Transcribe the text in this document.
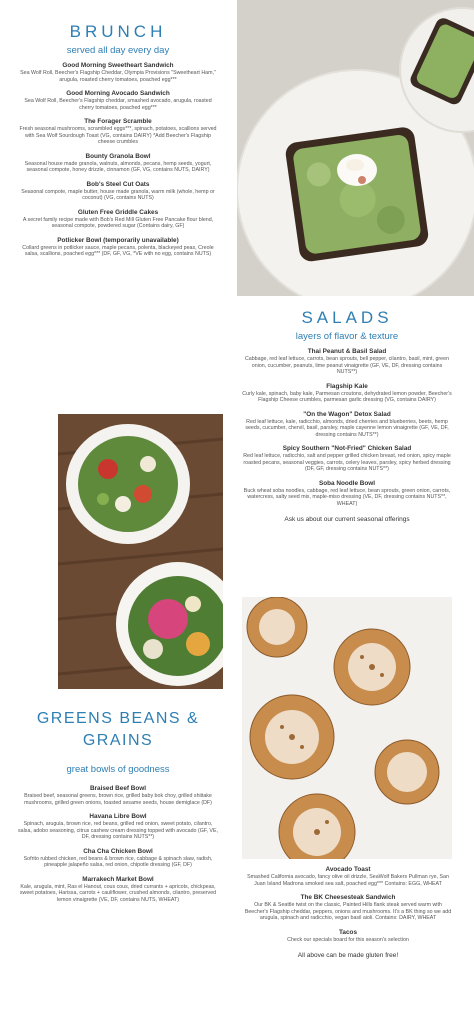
BRUNCH
served all day every day
Good Morning Sweetheart Sandwich
Sea Wolf Roll, Beecher's Flagship Cheddar, Olympia Provisions "Sweetheart Ham," arugula, roasted cherry tomatoes, poached egg***
Good Morning Avocado Sandwich
Sea Wolf Roll, Beecher's Flagship cheddar, smashed avocado, arugula, roasted cherry tomatoes, poached egg***
The Forager Scramble
Fresh seasonal mushrooms, scrambled eggs***, spinach, potatoes, scallions served with Sea Wolf Sourdough Toast (VG, contains DAIRY) *Add Beecher's Flagship cheese crumbles
Bounty Granola Bowl
Seasonal house made granola, walnuts, almonds, pecans, hemp seeds, yogurt, seasonal compote, honey drizzle, cinnamon (GF, VG, contains NUTS, DAIRY)
Bob's Steel Cut Oats
Seasonal compote, maple butter, house made granola, warm milk (whole, hemp or coconut) (VG, contains NUTS)
Gluten Free Griddle Cakes
A secret family recipe made with Bob's Red Mill Gluten Free Pancake flour blend, seasonal compote, powdered sugar (Contains dairy, GF)
Potlicker Bowl (temporarily unavailable)
Collard greens in potlicker sauce, maple pecans, polenta, blackeyed peas, Creole salsa, scallions, poached egg*** (DF, GF, VG, *VE with no egg, contains NUTS)
SALADS
layers of flavor & texture
Thai Peanut & Basil Salad
Cabbage, red leaf lettuce, carrots, bean sprouts, bell pepper, cilantro, basil, mint, green onion, cucumber, peanuts, lime peanut vinaigrette (GF, VE, DF, dressing contains NUTS**)
Flagship Kale
Curly kale, spinach, baby kale, Parmesan croutons, dehydrated lemon powder, Beecher's Flagship Cheese crumbles, parmesan garlic dressing (VG, contains DAIRY)
"On the Wagon" Detox Salad
Red leaf lettuce, kale, radicchio, almonds, dried cherries and blueberries, beets, hemp seeds, cucumber, chervil, basil, parsley, maple cayenne lemon vinaigrette (GF, VE, DF, dressing contains NUTS**)
Spicy Southern "Not-Fried" Chicken Salad
Red leaf lettuce, radicchio, salt and pepper grilled chicken breast, red onion, spicy maple roasted pecans, seasonal veggies, carrots, celery leaves, parsley, spicy herbed dressing (DF, GF, dressing contains NUTS**)
Soba Noodle Bowl
Buck wheat soba noodles, cabbage, red leaf lettuce, bean sprouts, green onion, carrots, watercress, salty seed mix, maple-miso dressing (VE, DF, dressing contains NUTS**, WHEAT)
Ask us about our current seasonal offerings
GREENS BEANS &
GRAINS
great bowls of goodness
Braised Beef Bowl
Braised beef, seasonal greens, brown rice, grilled baby bok choy, grilled shiitake mushrooms, grilled green onions, toasted sesame seeds, house demiglace (DF)
Havana Libre Bowl
Spinach, arugula, brown rice, red beans, grilled red onion, sweet potato, cilantro, salsa, adobo seasoning, citrus cashew cream dressing topped with avocado (GF, VE, DF, dressing contains NUTS**)
Cha Cha Chicken Bowl
Sofrito rubbed chicken, red beans & brown rice, cabbage & spinach slaw, radish, pineapple jalapeño salsa, red onion, chipotle dressing (GF, DF)
Marrakech Market Bowl
Kale, arugula, mint, Ras el Hanout, cous cous, dried currants + apricots, chickpeas, sweet potatoes, Harissa, carrots + cauliflower, crushed almonds, cilantro, preserved lemon vinaigrette (VE, DF, contains NUTS, WHEAT)
Avocado Toast
Smashed California avocado, fancy olive oil drizzle, SeaWolf Bakers Pullman rye, San Juan Island Madrona smoked sea salt, poached egg*** Contains: EGG, WHEAT
The BK Cheesesteak Sandwich
Our BK & Seattle twist on the classic, Painted Hills flank steak served warm with Beecher's Flagship cheddar, peppers, onions and mushrooms. It's a BK thing so we add arugula, spinach and radicchio, vegan basil aioli. Contains: DAIRY, WHEAT
Tacos
Check our specials board for this season's selection
All above can be made gluten free!
